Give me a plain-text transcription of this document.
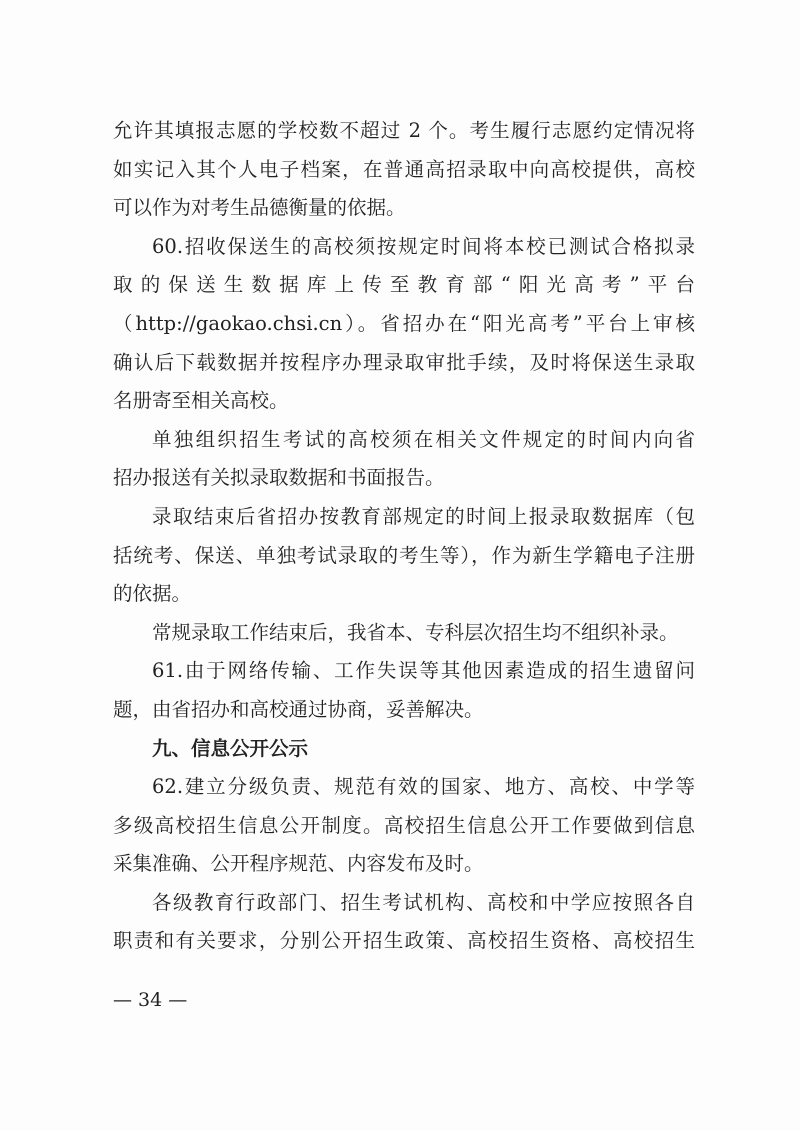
允许其填报志愿的学校数不超过 2 个。考生履行志愿约定情况将
如实记入其个人电子档案，在普通高招录取中向高校提供，高校
可以作为对考生品德衡量的依据。
60.招收保送生的高校须按规定时间将本校已测试合格拟录
取的保送生数据库上传至教育部“阳光高考”平台
（http://gaokao.chsi.cn）。省招办在“阳光高考”平台上审核
确认后下载数据并按程序办理录取审批手续，及时将保送生录取
名册寄至相关高校。
单独组织招生考试的高校须在相关文件规定的时间内向省
招办报送有关拟录取数据和书面报告。
录取结束后省招办按教育部规定的时间上报录取数据库（包
括统考、保送、单独考试录取的考生等），作为新生学籍电子注册
的依据。
常规录取工作结束后，我省本、专科层次招生均不组织补录。
61.由于网络传输、工作失误等其他因素造成的招生遗留问
题，由省招办和高校通过协商，妥善解决。
九、信息公开公示
62.建立分级负责、规范有效的国家、地方、高校、中学等
多级高校招生信息公开制度。高校招生信息公开工作要做到信息
采集准确、公开程序规范、内容发布及时。
各级教育行政部门、招生考试机构、高校和中学应按照各自
职责和有关要求，分别公开招生政策、高校招生资格、高校招生
— 34 —
